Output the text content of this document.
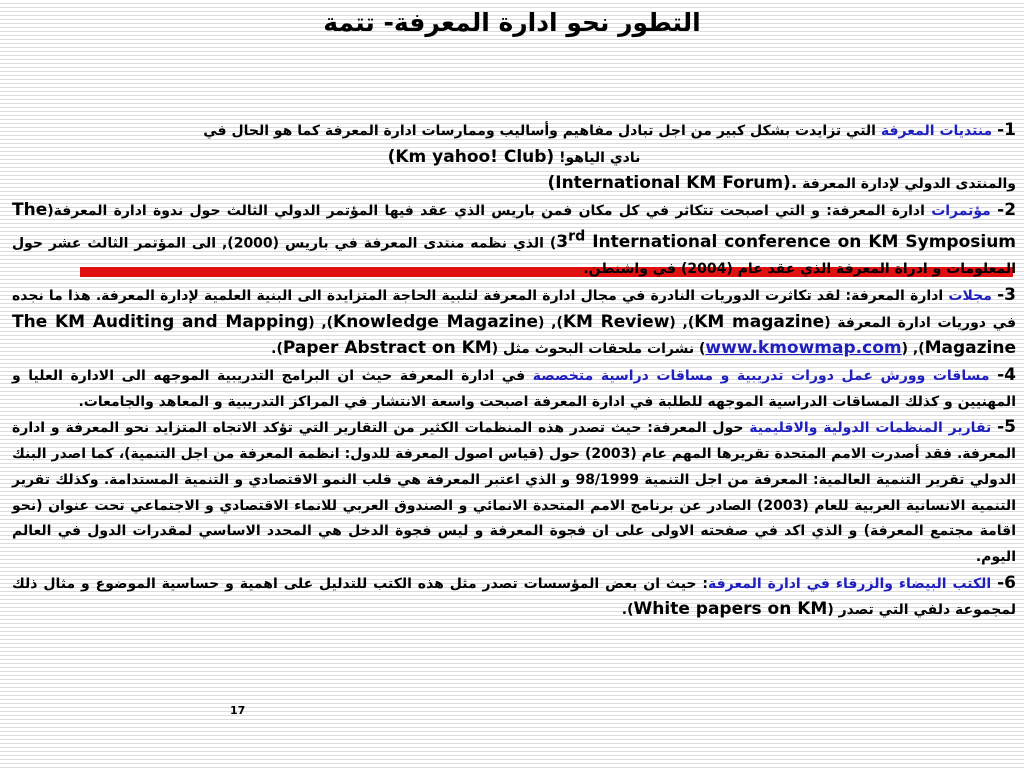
التطور نحو ادارة المعرفة- تتمة

1- منتديات المعرفة التي تزايدت بشكل كبير من اجل تبادل مفاهيم وأساليب وممارسات ادارة المعرفة كما هو الحال في

نادي الياهو! (Km yahoo! Club)

والمنتدى الدولي لإدارة المعرفة (International KM Forum).

2- مؤتمرات ادارة المعرفة: و التي اصبحت تتكاثر في كل مكان فمن باريس الذي عقد فيها المؤتمر الدولي الثالث حول ندوة ادارة المعرفة(The 3rd International conference on KM Symposium) الذي نظمه منتدى المعرفة في باريس (2000), الى المؤتمر الثالث عشر حول المعلومات و ادراة المعرفة الذي عقد عام (2004) في واشنطن.

3- مجلات ادارة المعرفة: لقد تكاثرت الدوريات النادرة في مجال ادارة المعرفة لتلبية الحاجة المتزايدة الى البنية العلمية لإدارة المعرفة. هذا ما نجده في دوريات ادارة المعرفة (KM magazine), (KM Review), (Knowledge Magazine), (The KM Auditing and Mapping Magazine), (www.kmowmap.com) نشرات ملحقات البحوث مثل (Paper Abstract on KM).

4- مساقات وورش عمل دورات تدريبية و مساقات دراسية متخصصة في ادارة المعرفة حيث ان البرامج التدريبية الموجهه الى الادارة العليا و المهنيين و كذلك المساقات الدراسية الموجهه للطلبة في ادارة المعرفة اصبحت واسعة الانتشار في المراكز التدريبية و المعاهد والجامعات.

5- تقارير المنظمات الدولية والاقليمية حول المعرفة: حيث تصدر هذه المنظمات الكثير من التقارير التي تؤكد الاتجاه المتزايد نحو المعرفة و ادارة المعرفة. فقد أصدرت الامم المتحدة تقريرها المهم عام (2003) حول (قياس اصول المعرفة للدول: انظمة المعرفة من اجل التنمية)، كما اصدر البنك الدولي تقرير التنمية العالمية: المعرفة من اجل التنمية 98/1999 و الذي اعتبر المعرفة هي قلب النمو الاقتصادي و التنمية المستدامة. وكذلك تقرير التنمية الانسانية العربية للعام (2003) الصادر عن برنامج الامم المتحدة الانمائي و الصندوق العربي للانماء الاقتصادي و الاجتماعي تحت عنوان (نحو اقامة مجتمع المعرفة) و الذي اكد في صفحته الاولى على ان فجوة المعرفة و ليس فجوة الدخل هي المحدد الاساسي لمقدرات الدول في العالم اليوم.

6- الكتب البيضاء والزرقاء في ادارة المعرفة: حيث ان بعض المؤسسات تصدر مثل هذه الكتب للتدليل على اهمية و حساسية الموضوع و مثال ذلك لمجموعة دلفي التي تصدر (White papers on KM).

17
